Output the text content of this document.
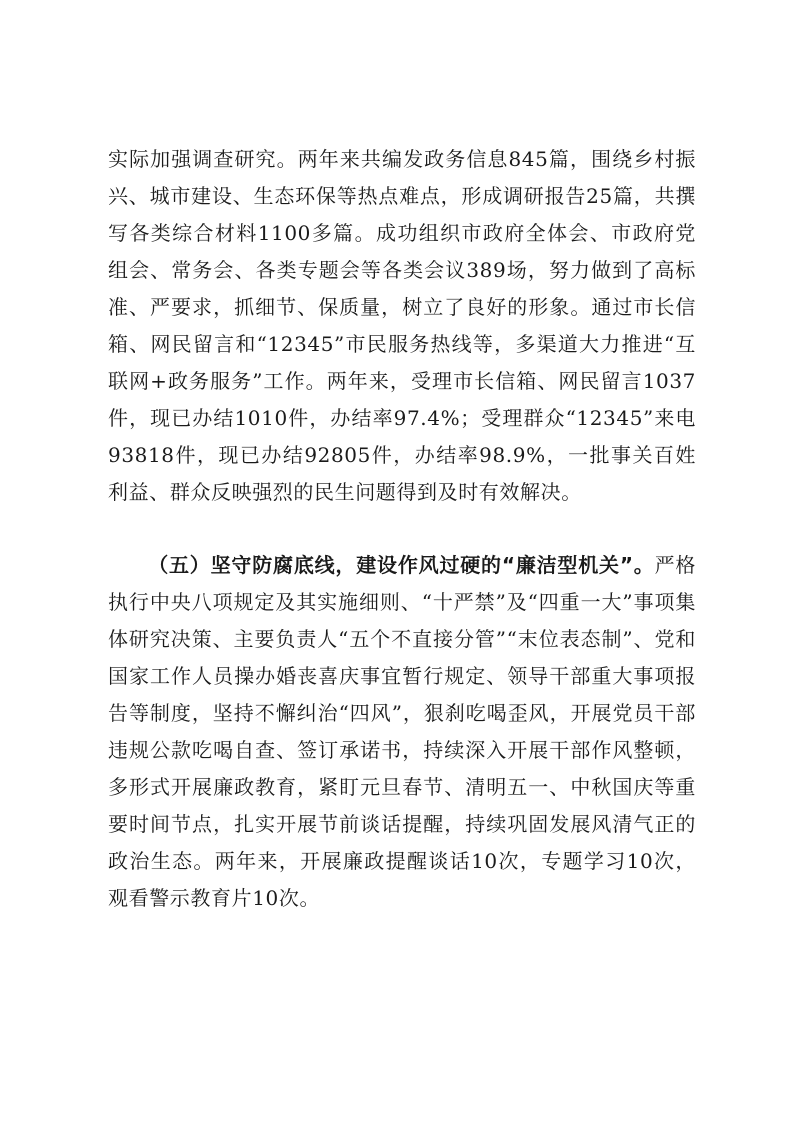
实际加强调查研究。两年来共编发政务信息845篇，围绕乡村振兴、城市建设、生态环保等热点难点，形成调研报告25篇，共撰写各类综合材料1100多篇。成功组织市政府全体会、市政府党组会、常务会、各类专题会等各类会议389场，努力做到了高标准、严要求，抓细节、保质量，树立了良好的形象。通过市长信箱、网民留言和“12345”市民服务热线等，多渠道大力推进“互联网+政务服务”工作。两年来，受理市长信箱、网民留言1037件，现已办结1010件，办结率97.4%；受理群众“12345”来电93818件，现已办结92805件，办结率98.9%，一批事关百姓利益、群众反映强烈的民生问题得到及时有效解决。

（五）坚守防腐底线，建设作风过硬的“廉洁型机关”。严格执行中央八项规定及其实施细则、“十严禁”及“四重一大”事项集体研究决策、主要负责人“五个不直接分管”“末位表态制”、党和国家工作人员操办婚丧喜庆事宜暂行规定、领导干部重大事项报告等制度，坚持不懈纠治“四风”，狠刹吃喝歪风，开展党员干部违规公款吃喝自查、签订承诺书，持续深入开展干部作风整顿，多形式开展廉政教育，紧盯元旦春节、清明五一、中秋国庆等重要时间节点，扎实开展节前谈话提醒，持续巩固发展风清气正的政治生态。两年来，开展廉政提醒谈话10次，专题学习10次，观看警示教育片10次。
